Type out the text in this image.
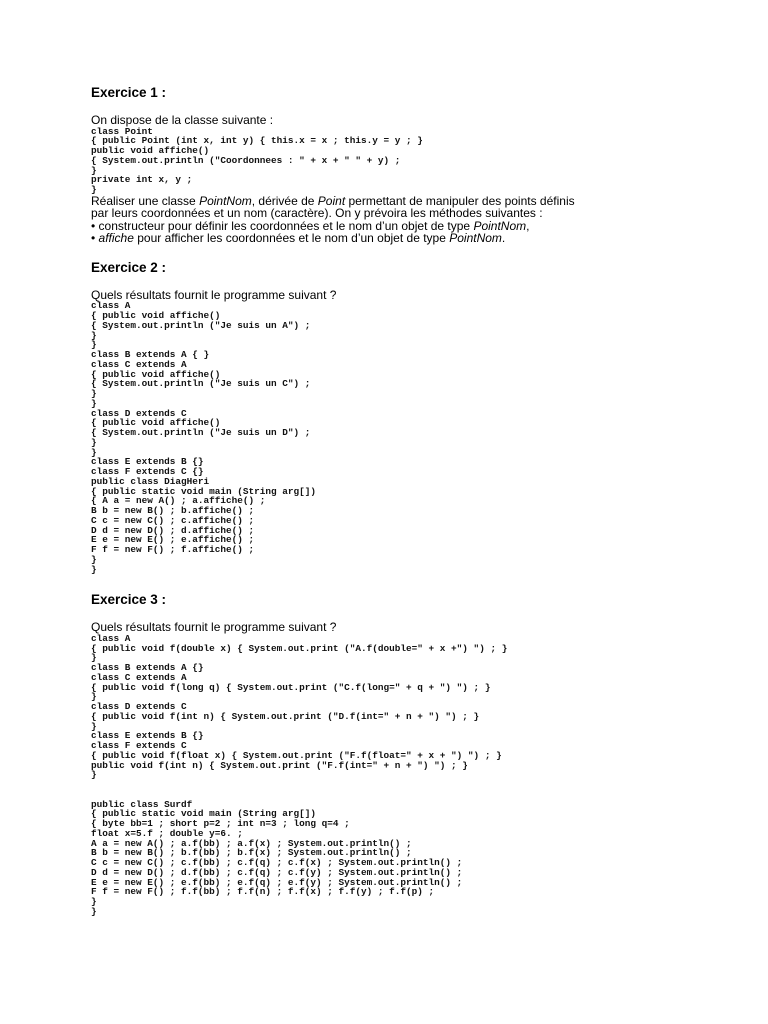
Exercice 1 :

On dispose de la classe suivante :

class Point
{ public Point (int x, int y) { this.x = x ; this.y = y ; }
public void affiche()
{ System.out.println ("Coordonnees : " + x + " " + y) ;
}
private int x, y ;
}

Réaliser une classe PointNom, dérivée de Point permettant de manipuler des points définis

par leurs coordonnées et un nom (caractère). On y prévoira les méthodes suivantes :

• constructeur pour définir les coordonnées et le nom d’un objet de type PointNom,

• affiche pour afficher les coordonnées et le nom d’un objet de type PointNom.

Exercice 2 :

Quels résultats fournit le programme suivant ?

class A
{ public void affiche()
{ System.out.println ("Je suis un A") ;
}
}
class B extends A { }
class C extends A
{ public void affiche()
{ System.out.println ("Je suis un C") ;
}
}
class D extends C
{ public void affiche()
{ System.out.println ("Je suis un D") ;
}
}
class E extends B {}
class F extends C {}
public class DiagHeri
{ public static void main (String arg[])
{ A a = new A() ; a.affiche() ;
B b = new B() ; b.affiche() ;
C c = new C() ; c.affiche() ;
D d = new D() ; d.affiche() ;
E e = new E() ; e.affiche() ;
F f = new F() ; f.affiche() ;
}
}
Exercice 3 :

Quels résultats fournit le programme suivant ?

class A
{ public void f(double x) { System.out.print ("A.f(double=" + x +") ") ; }
}
class B extends A {}
class C extends A
{ public void f(long q) { System.out.print ("C.f(long=" + q + ") ") ; }
}
class D extends C
{ public void f(int n) { System.out.print ("D.f(int=" + n + ") ") ; }
}
class E extends B {}
class F extends C
{ public void f(float x) { System.out.print ("F.f(float=" + x + ") ") ; }
public void f(int n) { System.out.print ("F.f(int=" + n + ") ") ; }
}
public class Surdf
{ public static void main (String arg[])
{ byte bb=1 ; short p=2 ; int n=3 ; long q=4 ;
float x=5.f ; double y=6. ;
A a = new A() ; a.f(bb) ; a.f(x) ; System.out.println() ;
B b = new B() ; b.f(bb) ; b.f(x) ; System.out.println() ;
C c = new C() ; c.f(bb) ; c.f(q) ; c.f(x) ; System.out.println() ;
D d = new D() ; d.f(bb) ; c.f(q) ; c.f(y) ; System.out.println() ;
E e = new E() ; e.f(bb) ; e.f(q) ; e.f(y) ; System.out.println() ;
F f = new F() ; f.f(bb) ; f.f(n) ; f.f(x) ; f.f(y) ; f.f(p) ;
}
}
